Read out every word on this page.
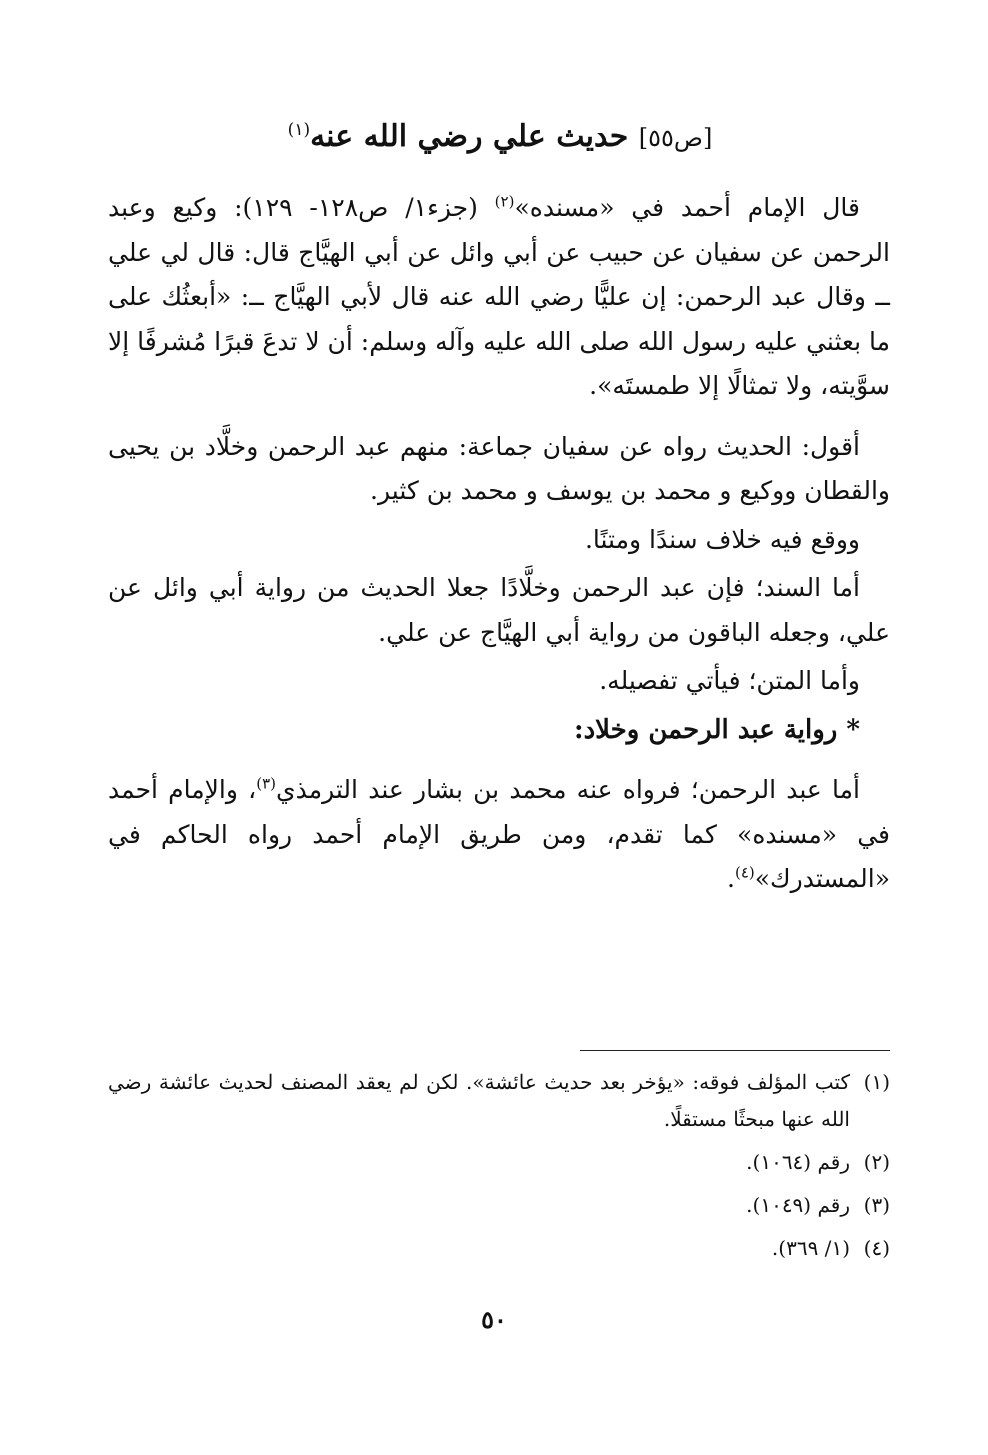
[ص٥٥] حديث علي رضي الله عنه$^{(١)}$

قال الإمام أحمد في «مسنده»$^{(٢)}$ (جزء١/ ص١٢٨- ١٢٩): وكيع وعبد الرحمن عن سفيان عن حبيب عن أبي وائل عن أبي الهيَّاج قال: قال لي علي ــ وقال عبد الرحمن: إن عليًّا رضي الله عنه قال لأبي الهيَّاج ــ: «أبعثُك على ما بعثني عليه رسول الله صلى الله عليه وآله وسلم: أن لا تدعَ قبرًا مُشرفًا إلا سوَّيته، ولا تمثالًا إلا طمستَه».

أقول: الحديث رواه عن سفيان جماعة: منهم عبد الرحمن وخلَّاد بن يحيى والقطان ووكيع و محمد بن يوسف و محمد بن كثير.

ووقع فيه خلاف سندًا ومتنًا.

أما السند؛ فإن عبد الرحمن وخلَّادًا جعلا الحديث من رواية أبي وائل عن علي، وجعله الباقون من رواية أبي الهيَّاج عن علي.

وأما المتن؛ فيأتي تفصيله.

* رواية عبد الرحمن وخلاد:

أما عبد الرحمن؛ فرواه عنه محمد بن بشار عند الترمذي$^{(٣)}$، والإمام أحمد في «مسنده» كما تقدم، ومن طريق الإمام أحمد رواه الحاكم في «المستدرك»$^{(٤)}$.

(١)
كتب المؤلف فوقه: «يؤخر بعد حديث عائشة». لكن لم يعقد المصنف لحديث عائشة رضي الله عنها مبحثًا مستقلًا.
(٢)
رقم (١٠٦٤).
(٣)
رقم (١٠٤٩).
(٤)
(١/ ٣٦٩).
٥٠
